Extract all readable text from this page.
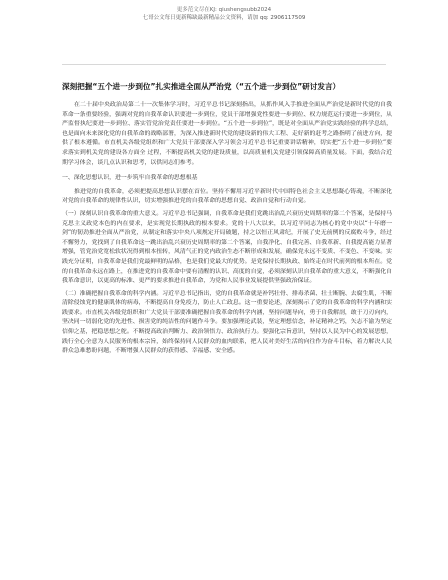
更多范文尽在KJ: qiushengsubb2024
七哥公文每日更新稀缺最新精品公文资料，请加 qq: 2906117509
深刻把握“五个进一步到位”扎实推进全面从严治党（“五个进一步到位”研讨发言）

在二十届中央政治局第二十一次集体学习时，习近平总书记深刻指出，从抓作风入手推进全面从严治党是新时代党的自我革命一条重要经验，强调对党的自我革命认识要进一步到位，党员干部增强党性要进一步到位、权力规范运行要进一步到位，从严监督执纪要进一步到位、落实管党治党责任要进一步到位。“五个进一步到位”，既是对全面从严治党实践经验的科学总结，也是面向未来深化党的自我革命的战略部署，为深入推进新时代党的建设新的伟大工程、走好新的赶考之路指明了前进方向，提供了根本遵循。市直机关各级党组织和广大党员干部要深入学习领会习近平总书记重要讲话精神，切实把“五个进一步到位”要求落实到机关党的建设各方面全 过程，不断提高机关党的建设质量，以高质量机关党建引领保障高质量发展。下面，我结合近期学习体会，谈几点认识和思考，以供同志们参考。

一、深化思想认识，进一步筑牢自我革命的思想根基

推进党的自我革命，必须把提高思想认识摆在首位。坚持不懈用习近平新时代中国特色社会主义思想凝心铸魂，不断深化对党的自我革命的规律性认识，切实增强推进党的自我革命的思想自觉、政治自觉和行动自觉。

（一）深刻认识自我革命的重大意义。习近平总书记强调，自我革命是我们党跳出治乱兴衰历史周期率的第二个答案，是保持马克思主义政党本色的内在要求，是实现党长期执政的根本要求。党的十八大以来，以习近平同志为核心的党中央以“十年磨一剑”的韧劲推进全面从严治党，从制定和落实中央八项规定开局破题，持之以恒正风肃纪，开展了史无前例的反腐败斗争，经过不懈努力，党找到了自我革命这一跳出治乱兴衰历史周期率的第二个答案，自我净化、自我完善、自我革新、自我提高能力显著增强，管党治党宽松软状况得到根本扭转，风清气正的党内政治生态不断形成和发展，确保党永远不变质、不变色、不变味。实践充分证明，自我革命是我们党最鲜明的品格，也是我们党最大的优势。是党保持长期执政、始终走在时代前列的根本所在。党的自我革命永远在路上，在推进党的自我革命中要有清醒的认识、高度的自觉，必须深刻认识自我革命的重大意义，不断强化自我革命意识，以更高的标准、更严的要求推进自我革命，为党和人民事业发展提供坚强政治保证。

（二）准确把握自我革命的科学内涵。习近平总书记指出，党的自我革命就是补钙壮骨、排毒杀菌、壮士断腕、去腐生肌，不断清除侵蚀党的健康肌体的病毒，不断提高自身免疫力，防止人亡政息。这一重要论述，深刻揭示了党的自我革命的科学内涵和实践要求。市直机关各级党组织和广大党员干部要准确把握自我革命的科学内涵，坚持问题导向，勇于自我解剖，敢于刀刃向内，坚决同一切弱化党的先进性、损害党的纯洁性的问题作斗争。要加强理论武装，坚定理想信念，补足精神之钙，矢志不渝为坚定信仰之基，把稳思想之舵。不断提高政治判断力、政治领悟力、政治执行力。要强化宗旨意识，坚持以人民为中心的发展思想，践行全心全意为人民服务的根本宗旨，始终保持同人民群众的血肉联系，把人民对美好生活的向往作为奋斗目标，着力解决人民群众急难愁盼问题，不断增强人民群众的获得感、幸福感、安全感。
